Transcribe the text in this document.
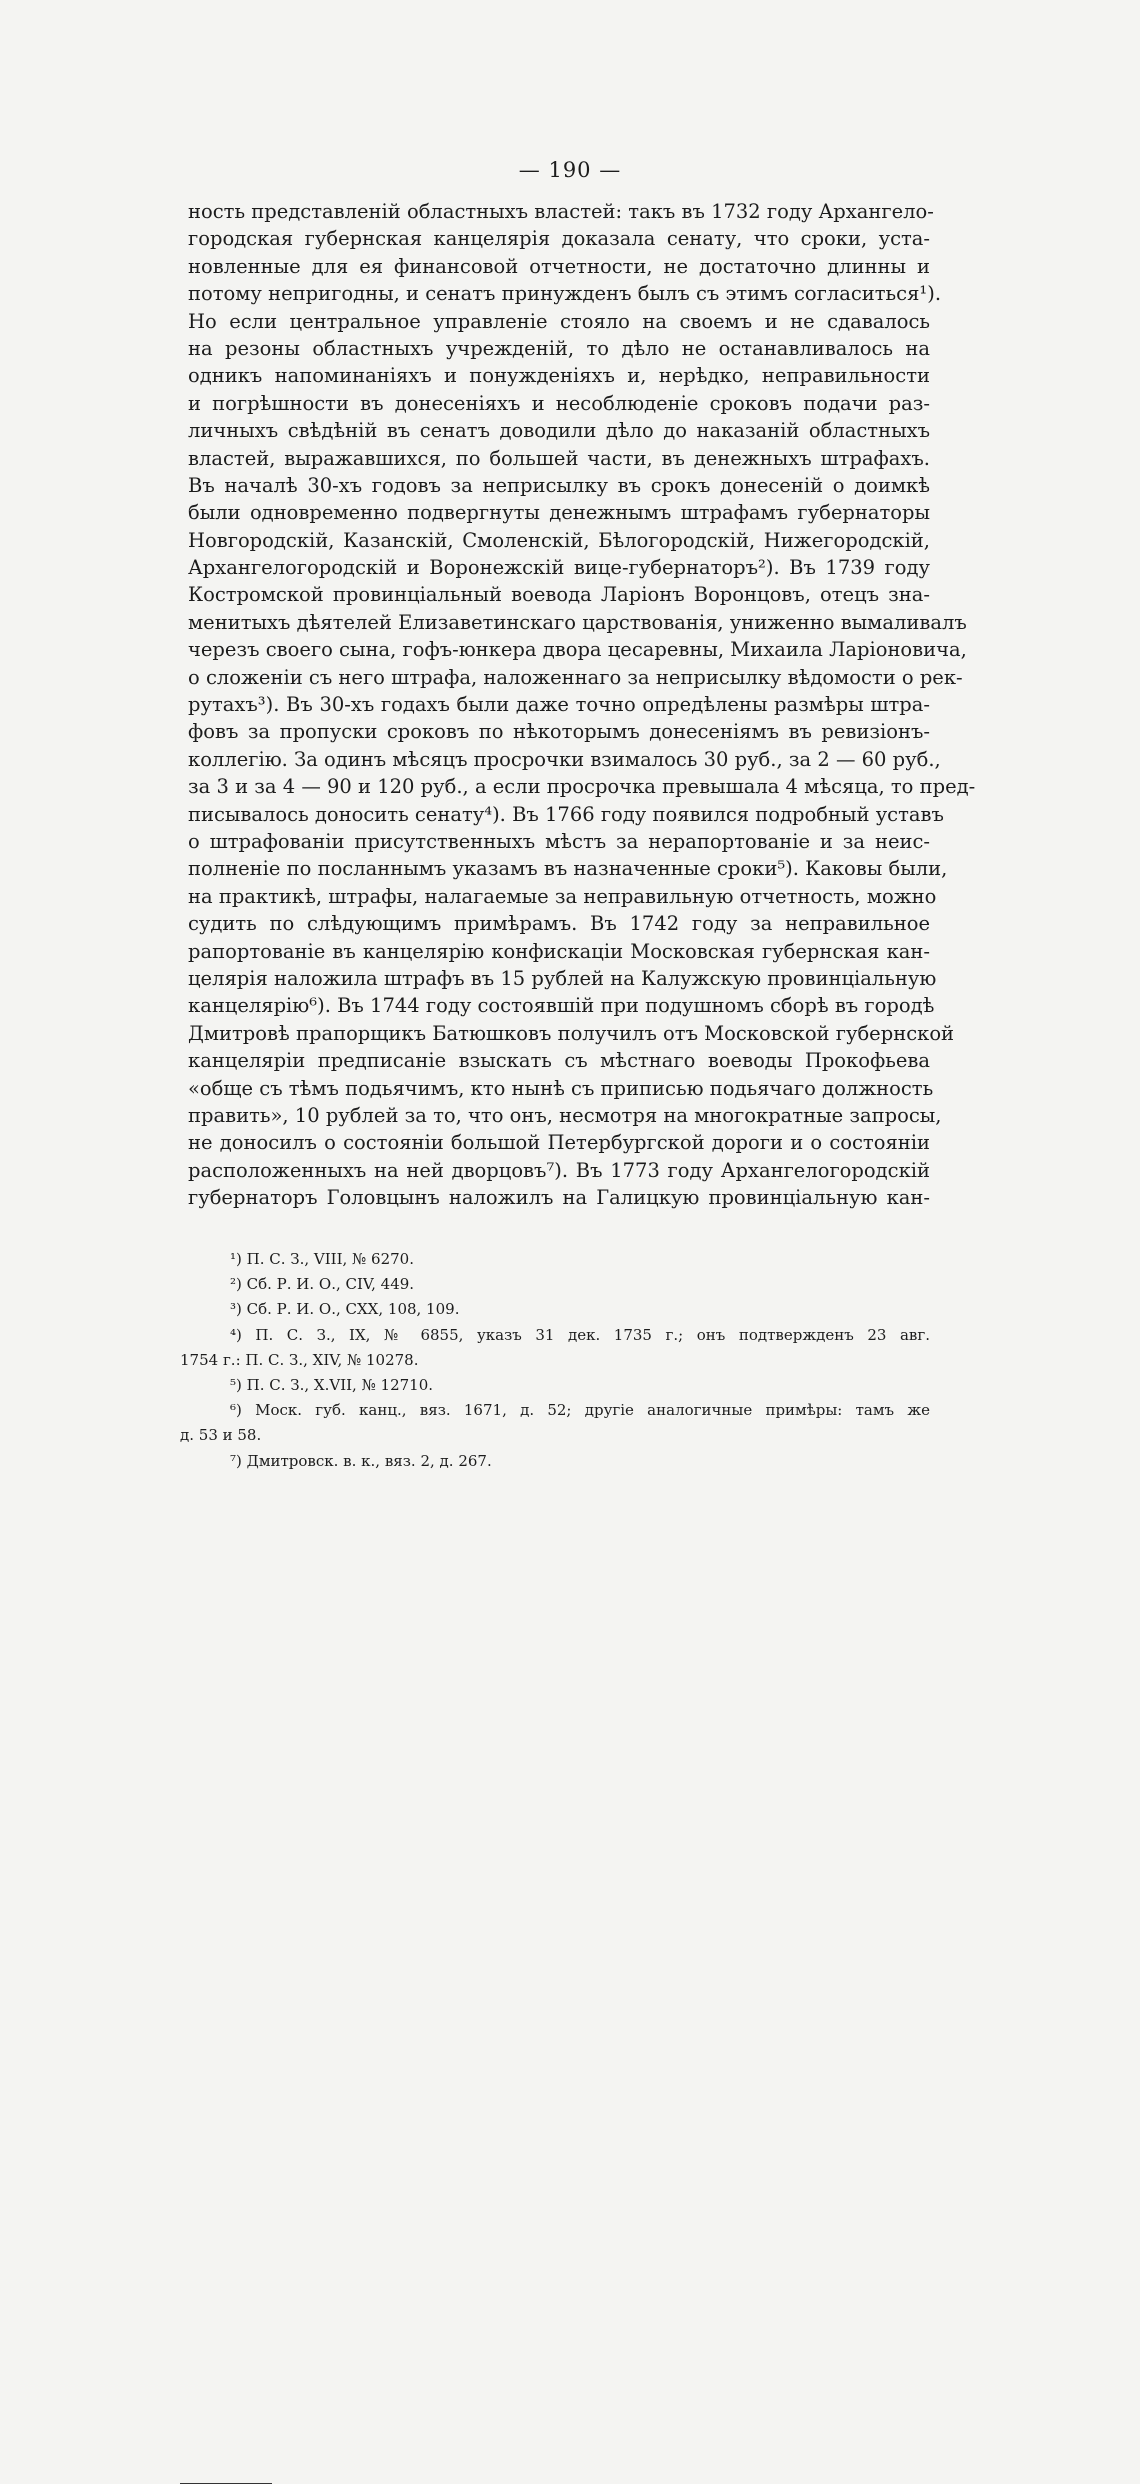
— 190 —
ность представленій областныхъ властей: такъ въ 1732 году Архангело-
городская губернская канцелярія доказала сенату, что сроки, уста-
новленные для ея финансовой отчетности, не достаточно длинны и
потому непригодны, и сенатъ принужденъ былъ съ этимъ согласиться¹).
Но если центральное управленіе стояло на своемъ и не сдавалось
на резоны областныхъ учрежденій, то дѣло не останавливалось на
одникъ напоминаніяхъ и понужденіяхъ и, нерѣдко, неправильности
и погрѣшности въ донесеніяхъ и несоблюденіе сроковъ подачи раз-
личныхъ свѣдѣній въ сенатъ доводили дѣло до наказаній областныхъ
властей, выражавшихся, по большей части, въ денежныхъ штрафахъ.
Въ началѣ 30-хъ годовъ за неприсылку въ срокъ донесеній о доимкѣ
были одновременно подвергнуты денежнымъ штрафамъ губернаторы
Новгородскій, Казанскій, Смоленскій, Бѣлогородскій, Нижегородскій,
Архангелогородскій и Воронежскій вице-губернаторъ²). Въ 1739 году
Костромской провинціальный воевода Ларіонъ Воронцовъ, отецъ зна-
менитыхъ дѣятелей Елизаветинскаго царствованія, униженно вымаливалъ
черезъ своего сына, гофъ-юнкера двора цесаревны, Михаила Ларіоновича,
о сложеніи съ него штрафа, наложеннаго за неприсылку вѣдомости о рек-
рутахъ³). Въ 30-хъ годахъ были даже точно опредѣлены размѣры штра-
фовъ за пропуски сроковъ по нѣкоторымъ донесеніямъ въ ревизіонъ-
коллегію. За одинъ мѣсяцъ просрочки взималось 30 руб., за 2 — 60 руб.,
за 3 и за 4 — 90 и 120 руб., а если просрочка превышала 4 мѣсяца, то пред-
писывалось доносить сенату⁴). Въ 1766 году появился подробный уставъ
о штрафованіи присутственныхъ мѣстъ за нерапортованіе и за неис-
полненіе по посланнымъ указамъ въ назначенные сроки⁵). Каковы были,
на практикѣ, штрафы, налагаемые за неправильную отчетность, можно
судить по слѣдующимъ примѣрамъ. Въ 1742 году за неправильное
рапортованіе въ канцелярію конфискаціи Московская губернская кан-
целярія наложила штрафъ въ 15 рублей на Калужскую провинціальную
канцелярію⁶). Въ 1744 году состоявшій при подушномъ сборѣ въ городѣ
Дмитровѣ прапорщикъ Батюшковъ получилъ отъ Московской губернской
канцеляріи предписаніе взыскать съ мѣстнаго воеводы Прокофьева
«обще съ тѣмъ подьячимъ, кто нынѣ съ приписью подьячаго должность
править», 10 рублей за то, что онъ, несмотря на многократные запросы,
не доносилъ о состояніи большой Петербургской дороги и о состояніи
расположенныхъ на ней дворцовъ⁷). Въ 1773 году Архангелогородскій
губернаторъ Головцынъ наложилъ на Галицкую провинціальную кан-
¹) П. С. З., VIII, № 6270.
²) Сб. Р. И. О., CIV, 449.
³) Сб. Р. И. О., CXX, 108, 109.
⁴) П. С. З., IX, № 6855, указъ 31 дек. 1735 г.; онъ подтвержденъ 23 авг.
1754 г.: П. С. З., XIV, № 10278.
⁵) П. С. З., X.VII, № 12710.
⁶) Моск. губ. канц., вяз. 1671, д. 52; другіе аналогичные примѣры: тамъ же
д. 53 и 58.
⁷) Дмитровск. в. к., вяз. 2, д. 267.
